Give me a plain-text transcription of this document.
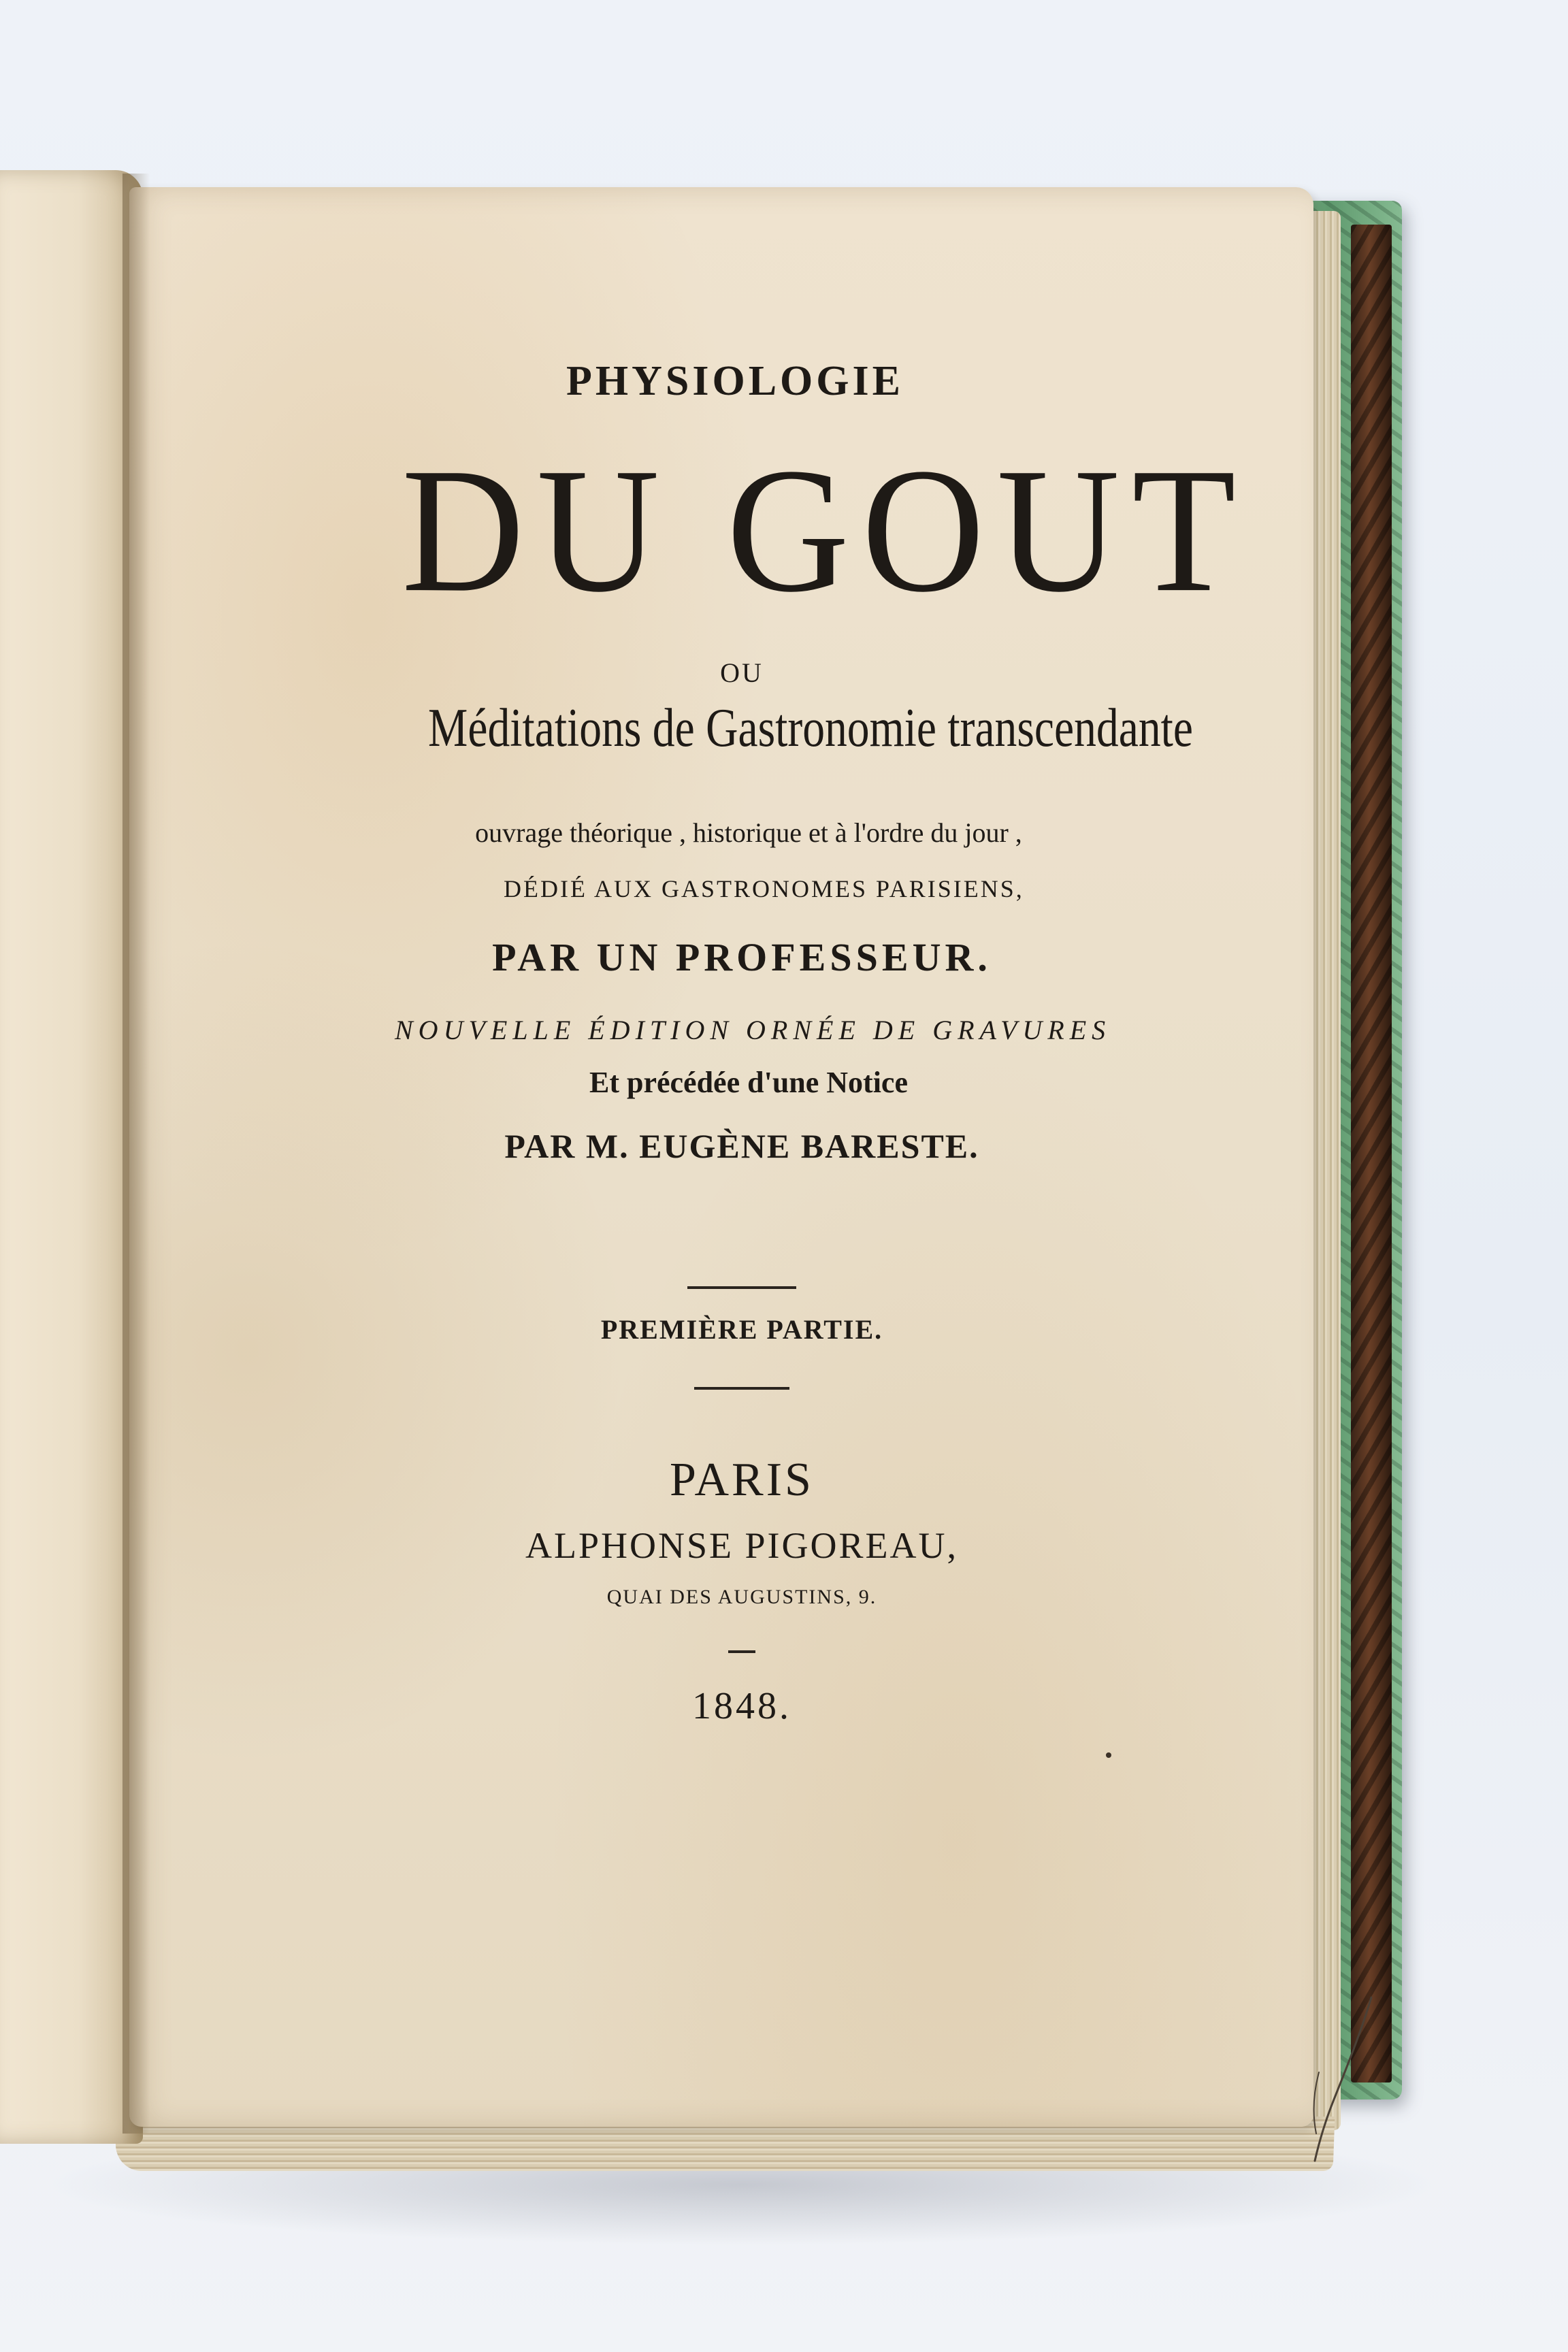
PHYSIOLOGIE
DU GOUT
OU
Méditations de Gastronomie transcendante
ouvrage théorique , historique et à l'ordre du jour ,
DÉDIÉ AUX GASTRONOMES PARISIENS,
PAR UN PROFESSEUR.
NOUVELLE ÉDITION ORNÉE DE GRAVURES
Et précédée d'une Notice
PAR M. EUGÈNE BARESTE.
PREMIÈRE PARTIE.
PARIS
ALPHONSE PIGOREAU,
QUAI DES AUGUSTINS, 9.
1848.
